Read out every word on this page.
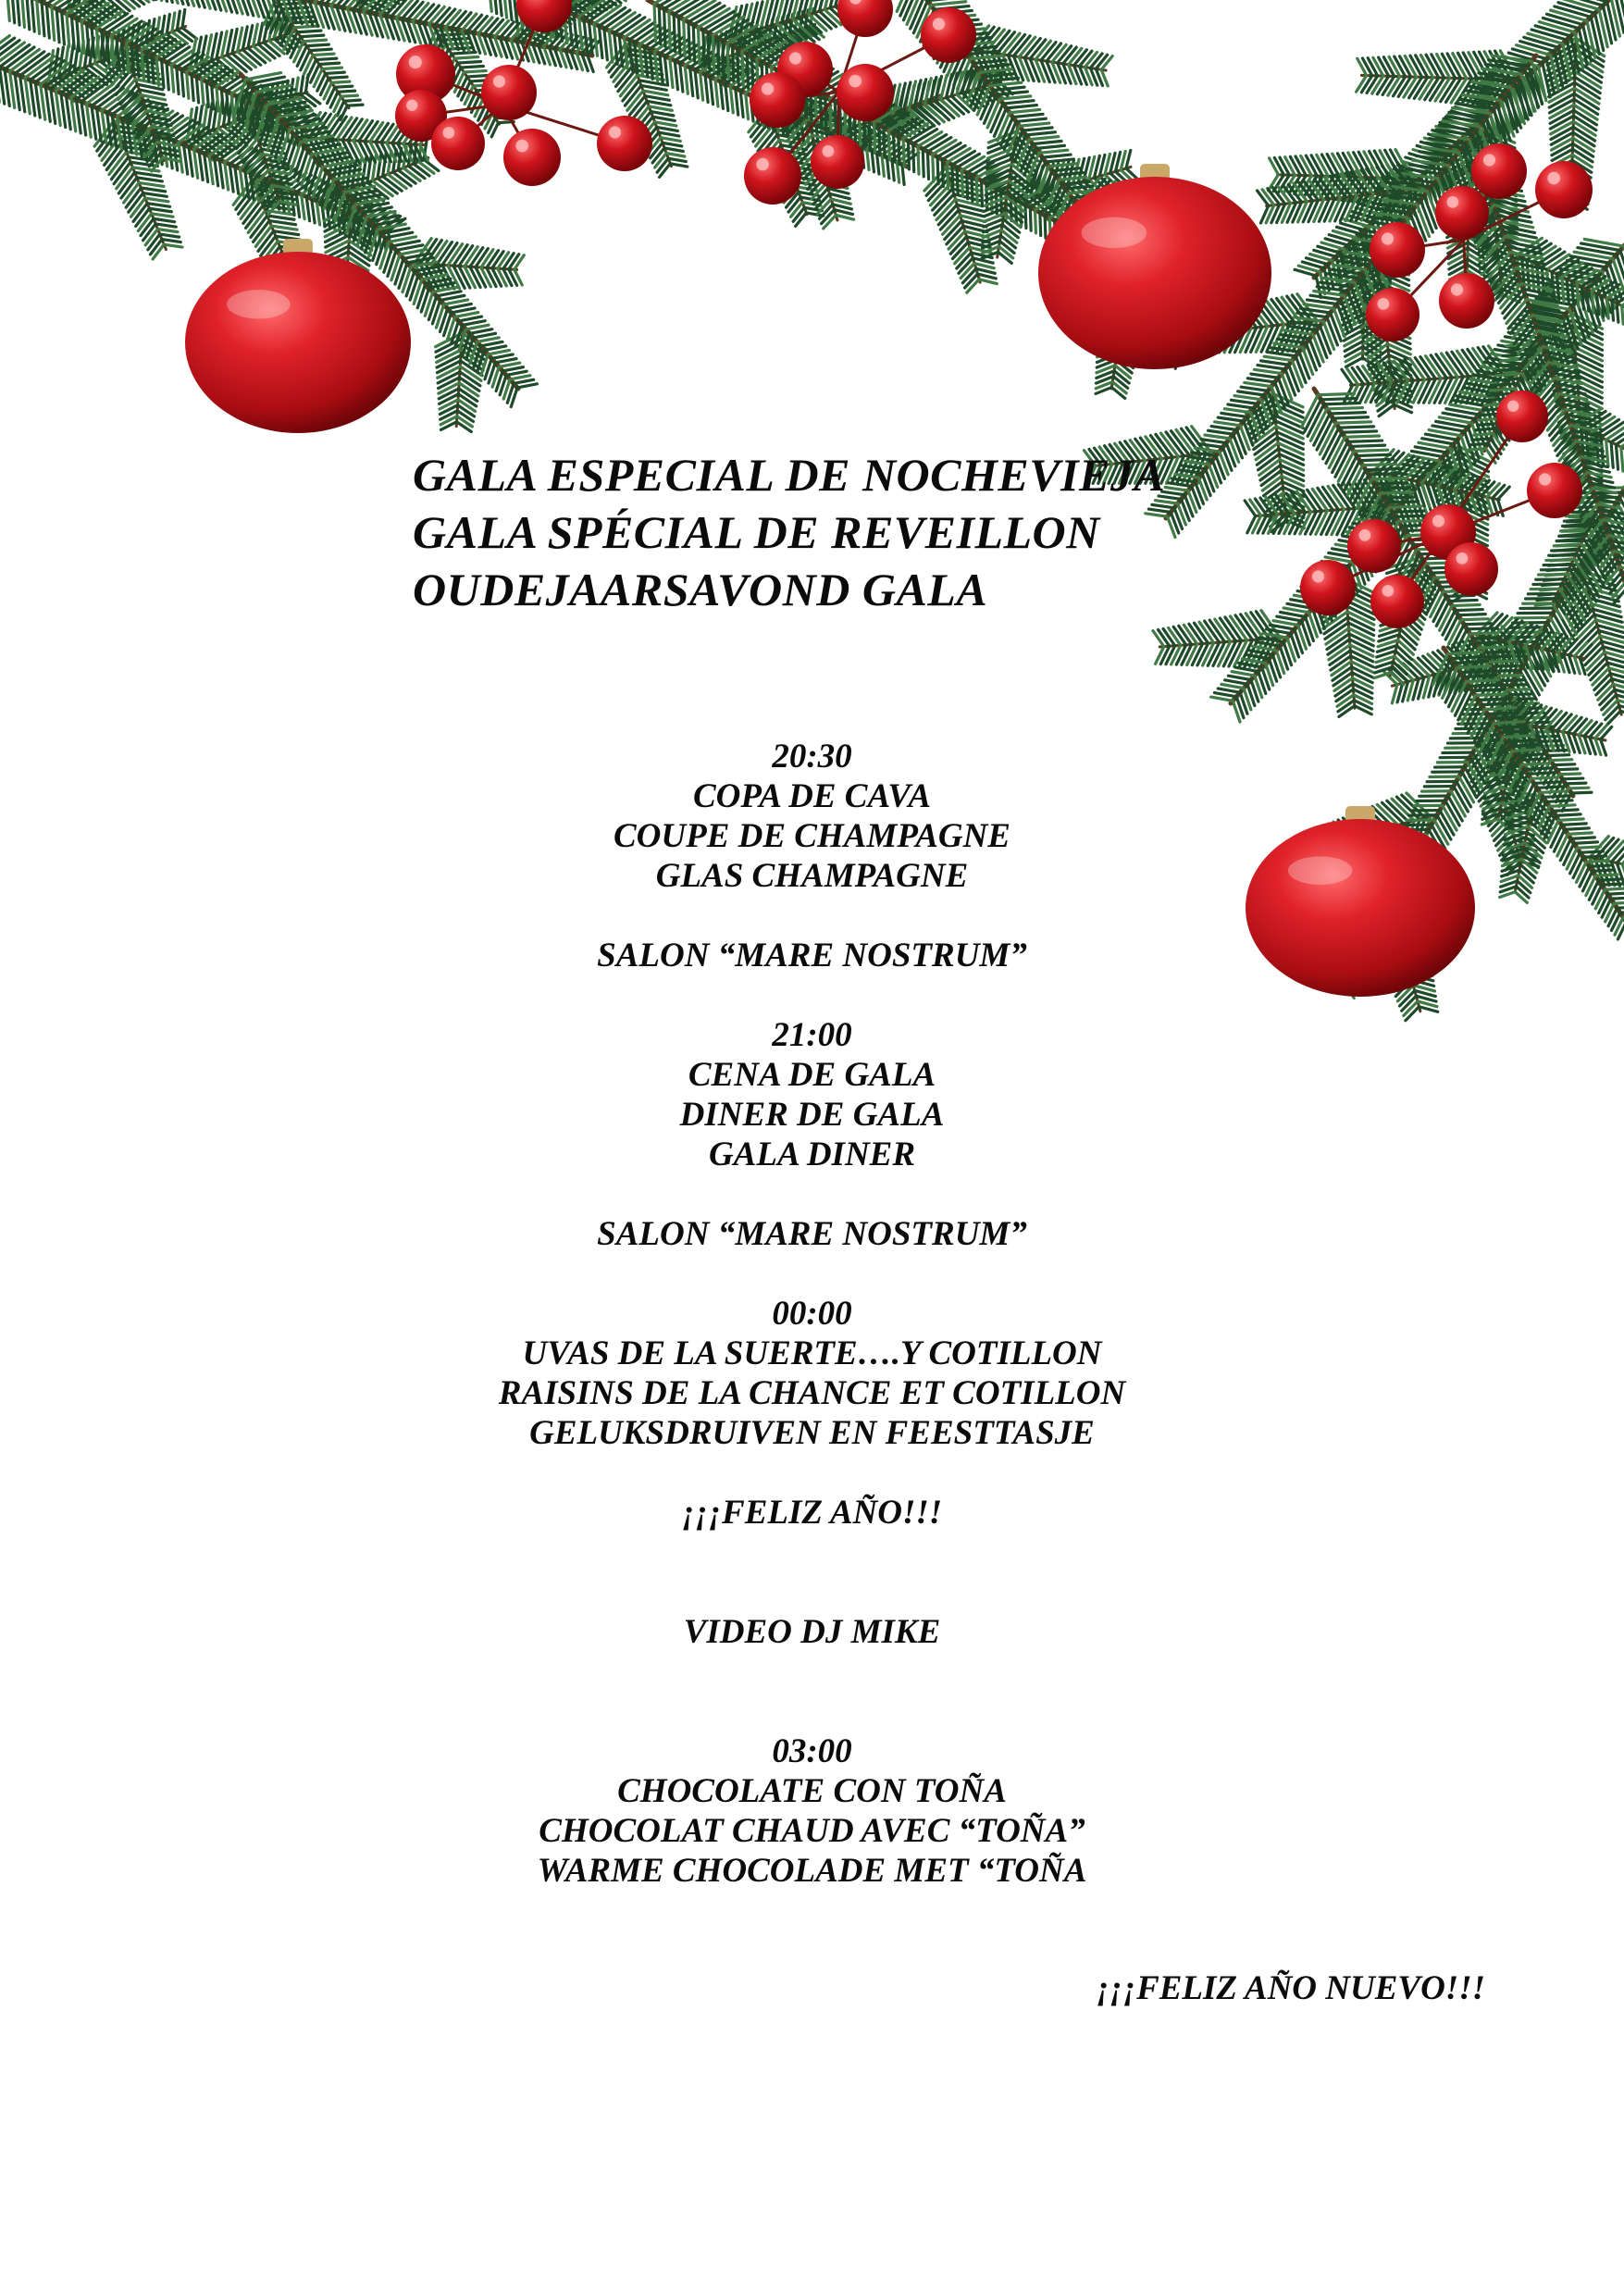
GALA ESPECIAL DE NOCHEVIEJA
GALA SPÉCIAL DE REVEILLON
OUDEJAARSAVOND GALA
20:30
COPA DE CAVA
COUPE DE CHAMPAGNE
GLAS CHAMPAGNE
SALON “MARE NOSTRUM”
21:00
CENA DE GALA
DINER DE GALA
GALA DINER
SALON “MARE NOSTRUM”
00:00
UVAS DE LA SUERTE….Y COTILLON
RAISINS DE LA CHANCE ET COTILLON
GELUKSDRUIVEN EN FEESTTASJE
¡¡¡FELIZ AÑO!!!
VIDEO DJ MIKE
03:00
CHOCOLATE CON TOÑA
CHOCOLAT CHAUD AVEC “TOÑA”
WARME CHOCOLADE MET “TOÑA
¡¡¡FELIZ AÑO NUEVO!!!
